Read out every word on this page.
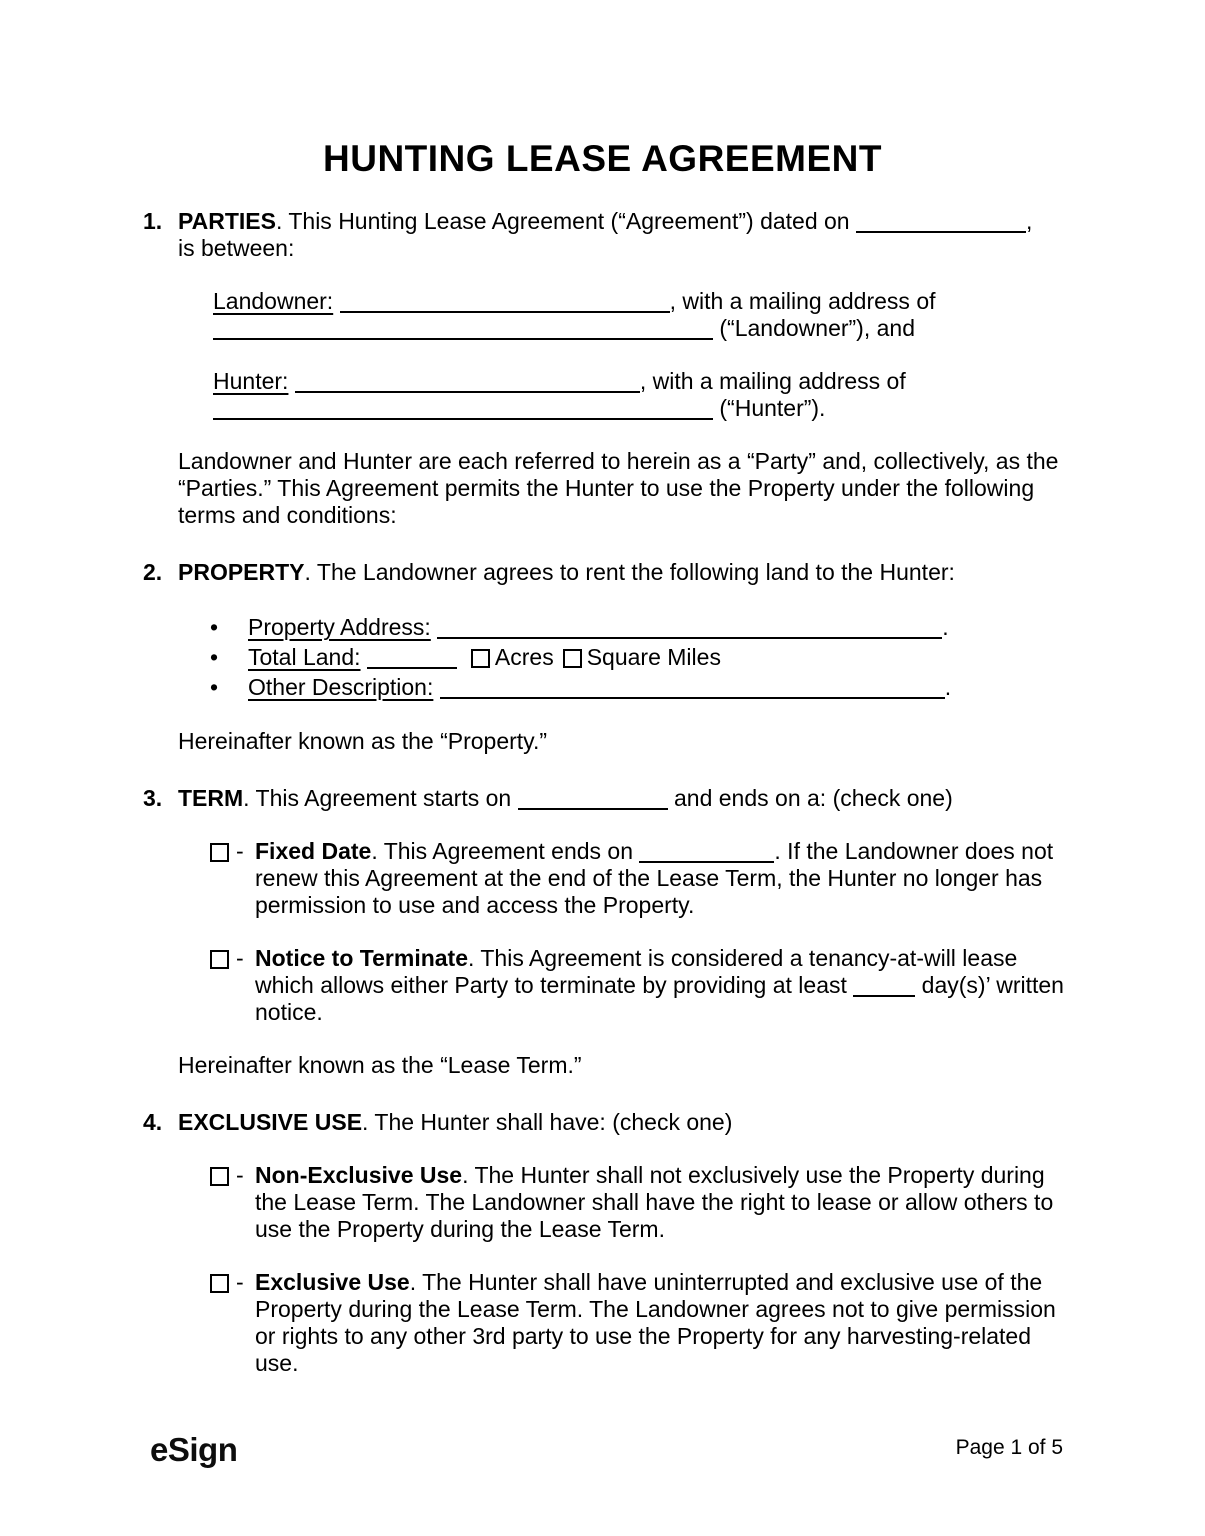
HUNTING LEASE AGREEMENT
1. PARTIES. This Hunting Lease Agreement (“Agreement”) dated on	,
is between:
Landowner:	, with a mailing address of
(“Landowner”), and
Hunter:	, with a mailing address of
(“Hunter”).
Landowner and Hunter are each referred to herein as a “Party” and, collectively, as the “Parties.” This Agreement permits the Hunter to use the Property under the following terms and conditions:
2. PROPERTY. The Landowner agrees to rent the following land to the Hunter:
•	Property Address:	.
•	Total Land:	Acres Square Miles
•	Other Description:	.
Hereinafter known as the “Property.”
3. TERM. This Agreement starts on	and ends on a: (check one)
- Fixed Date. This Agreement ends on	. If the Landowner does not renew this Agreement at the end of the Lease Term, the Hunter no longer has permission to use and access the Property.
- Notice to Terminate. This Agreement is considered a tenancy-at-will lease which allows either Party to terminate by providing at least	day(s)’ written notice.
Hereinafter known as the “Lease Term.”
4. EXCLUSIVE USE. The Hunter shall have: (check one)
- Non-Exclusive Use. The Hunter shall not exclusively use the Property during the Lease Term. The Landowner shall have the right to lease or allow others to use the Property during the Lease Term.
- Exclusive Use. The Hunter shall have uninterrupted and exclusive use of the Property during the Lease Term. The Landowner agrees not to give permission or rights to any other 3rd party to use the Property for any harvesting-related use.
eSign	Page 1 of 5
